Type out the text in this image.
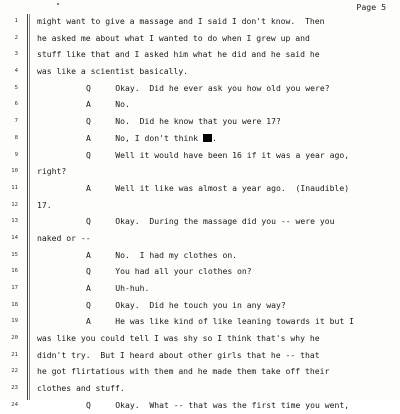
Page 5
1 might want to give a massage and I said I don't know.  Then
2 he asked me about what I wanted to do when I grew up and
3 stuff like that and I asked him what he did and he said he
4 was like a scientist basically.
5	Q     Okay.  Did he ever ask you how old you were?
6	A     No.
7	Q     No.  Did he know that you were 17?
8	A     No, I don't think .
9	Q     Well it would have been 16 if it was a year ago,
10 right?
11	A     Well it like was almost a year ago.  (Inaudible)
12 17.
13	Q     Okay.  During the massage did you -- were you
14 naked or --
15	A     No.  I had my clothes on.
16	Q     You had all your clothes on?
17	A     Uh-huh.
18	Q     Okay.  Did he touch you in any way?
19	A     He was like kind of like leaning towards it but I
20 was like you could tell I was shy so I think that's why he
21 didn't try.  But I heard about other girls that he -- that
22 he got flirtatious with them and he made them take off their
23 clothes and stuff.
24	Q     Okay.  What -- that was the first time you went,
